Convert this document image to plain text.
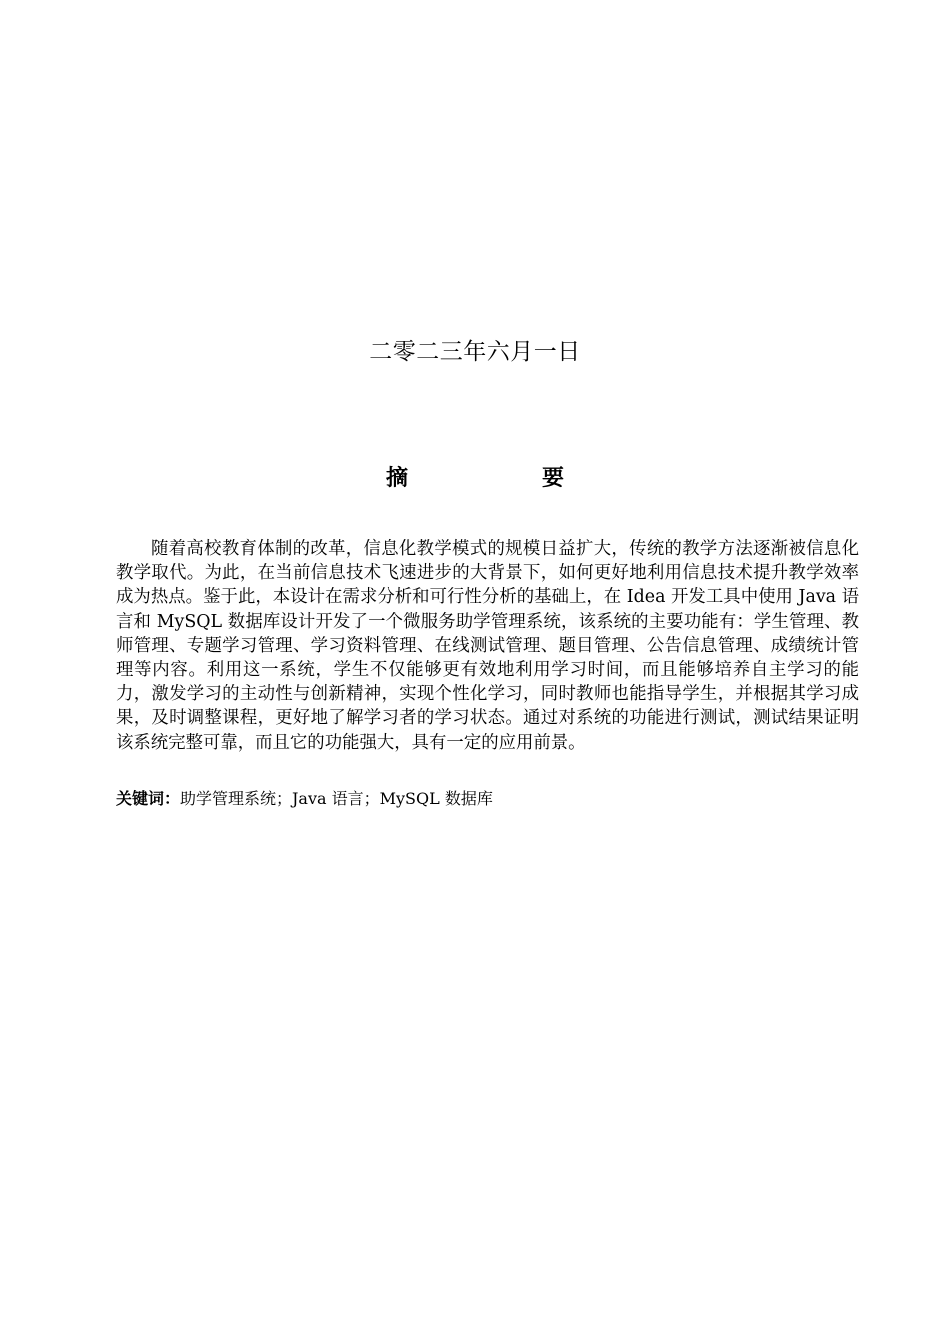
二零二三年六月一日
摘　要

随着高校教育体制的改革，信息化教学模式的规模日益扩大，传统的教学方法逐渐被信息化教学取代。为此，在当前信息技术飞速进步的大背景下，如何更好地利用信息技术提升教学效率成为热点。鉴于此，本设计在需求分析和可行性分析的基础上，在 Idea 开发工具中使用 Java 语言和 MySQL 数据库设计开发了一个微服务助学管理系统，该系统的主要功能有：学生管理、教师管理、专题学习管理、学习资料管理、在线测试管理、题目管理、公告信息管理、成绩统计管理等内容。利用这一系统，学生不仅能够更有效地利用学习时间，而且能够培养自主学习的能力，激发学习的主动性与创新精神，实现个性化学习，同时教师也能指导学生，并根据其学习成果，及时调整课程，更好地了解学习者的学习状态。通过对系统的功能进行测试，测试结果证明该系统完整可靠，而且它的功能强大，具有一定的应用前景。

关键词：助学管理系统；Java 语言；MySQL 数据库
